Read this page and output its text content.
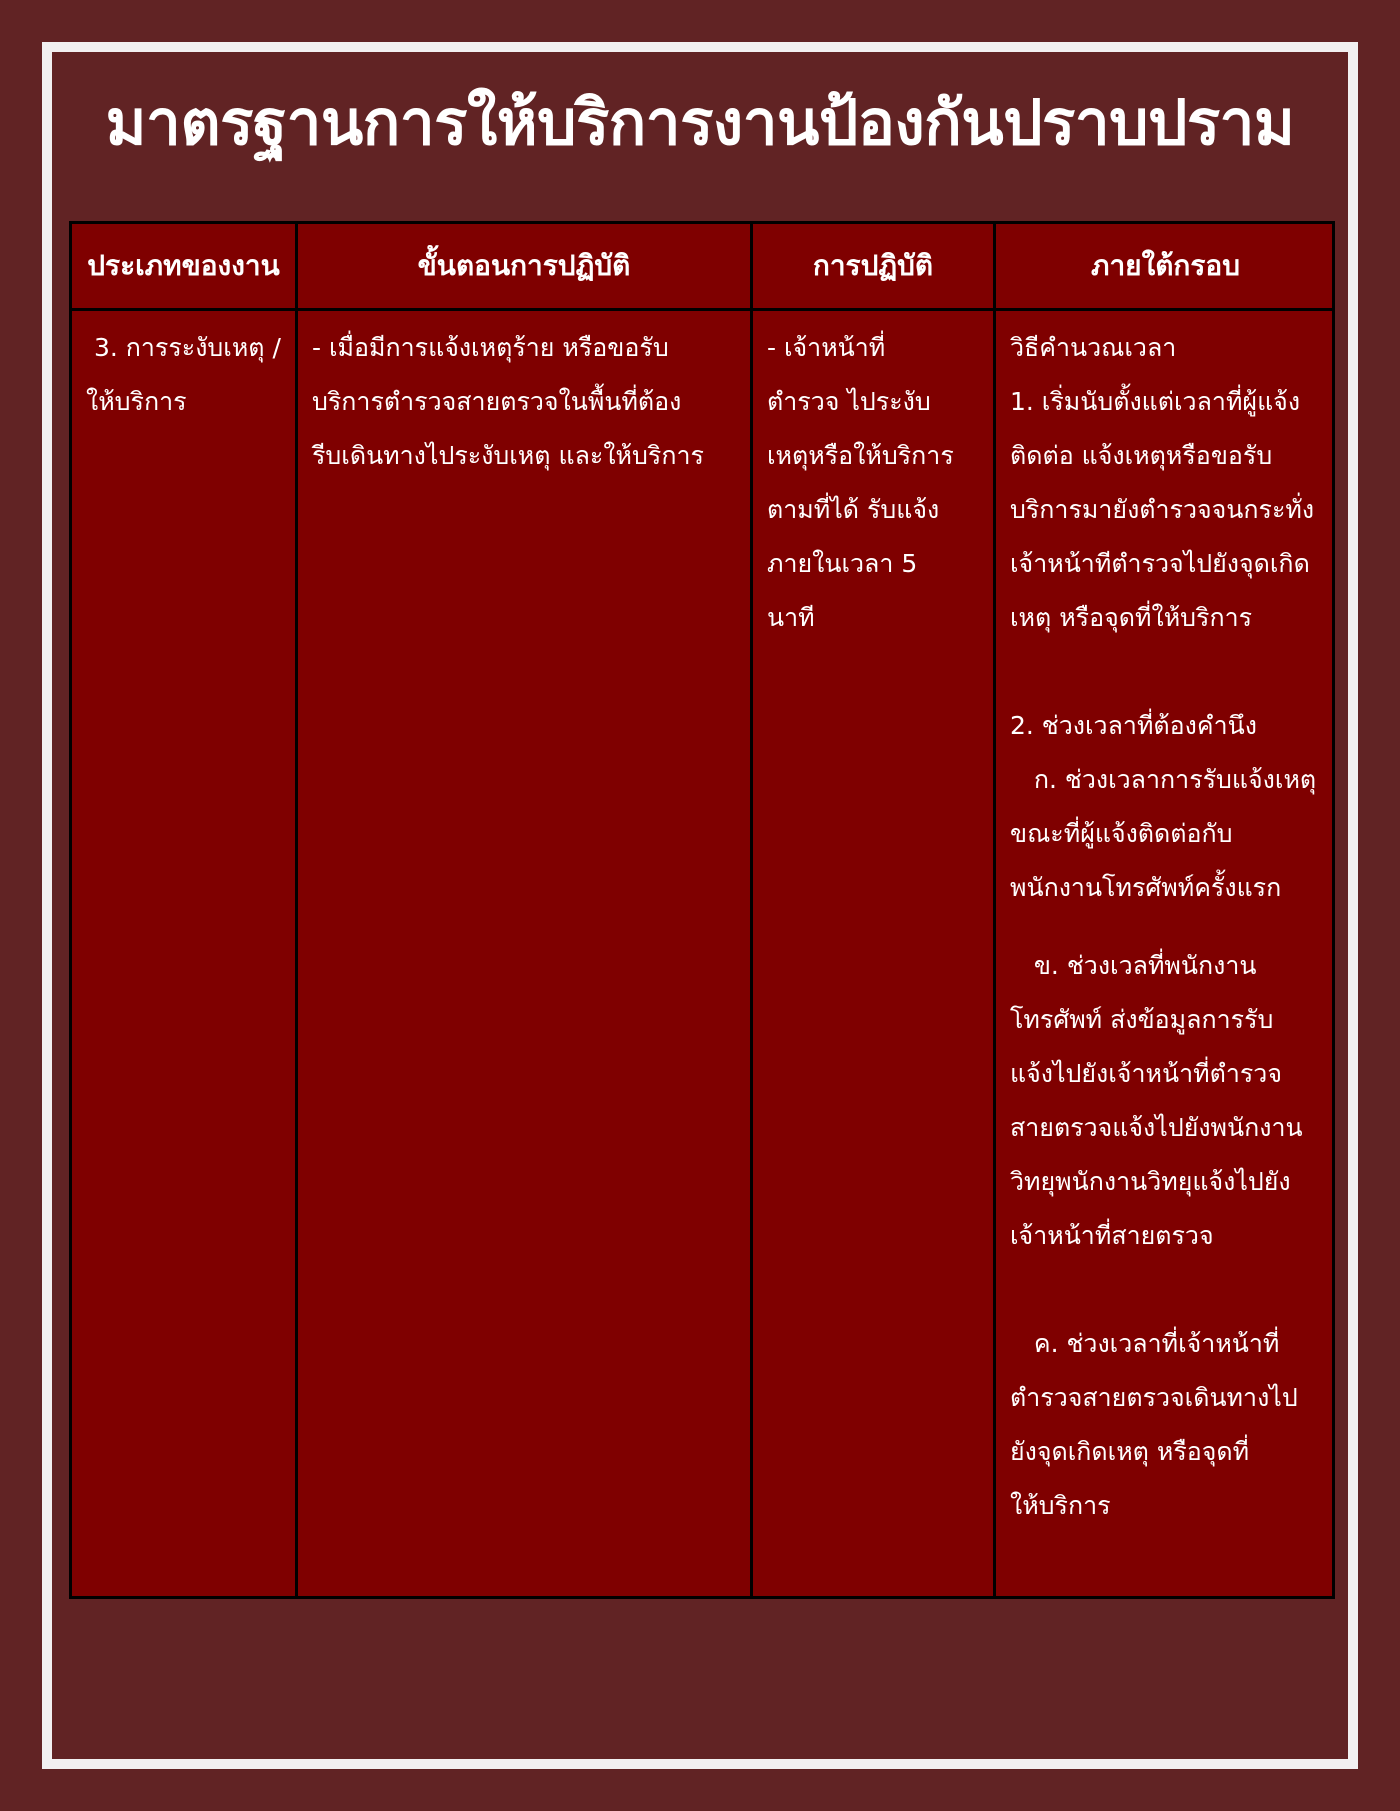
มาตรฐานการให้บริการงานป้องกันปราบปราม
ประเภทของงาน
3. การระงับเหตุ /
ให้บริการ
ขั้นตอนการปฏิบัติ
- เมื่อมีการแจ้งเหตุร้าย หรือขอรับ
บริการตำรวจสายตรวจในพื้นที่ต้อง
รีบเดินทางไประงับเหตุ และให้บริการ
การปฏิบัติ
- เจ้าหน้าที่
ตำรวจ ไประงับ
เหตุหรือให้บริการ
ตามที่ได้ รับแจ้ง
ภายในเวลา 5
นาที
ภายใต้กรอบ
วิธีคำนวณเวลา
1. เริ่มนับตั้งแต่เวลาที่ผู้แจ้ง
ติดต่อ แจ้งเหตุหรือขอรับ
บริการมายังตำรวจจนกระทั่ง
เจ้าหน้าทีตำรวจไปยังจุดเกิด
เหตุ หรือจุดที่ให้บริการ
2. ช่วงเวลาที่ต้องคำนึง
ก. ช่วงเวลาการรับแจ้งเหตุ
ขณะที่ผู้แจ้งติดต่อกับ
พนักงานโทรศัพท์ครั้งแรก
ข. ช่วงเวลที่พนักงาน
โทรศัพท์ ส่งข้อมูลการรับ
แจ้งไปยังเจ้าหน้าที่ตำรวจ
สายตรวจแจ้งไปยังพนักงาน
วิทยุพนักงานวิทยุแจ้งไปยัง
เจ้าหน้าที่สายตรวจ
ค. ช่วงเวลาที่เจ้าหน้าที่
ตำรวจสายตรวจเดินทางไป
ยังจุดเกิดเหตุ หรือจุดที่
ให้บริการ
